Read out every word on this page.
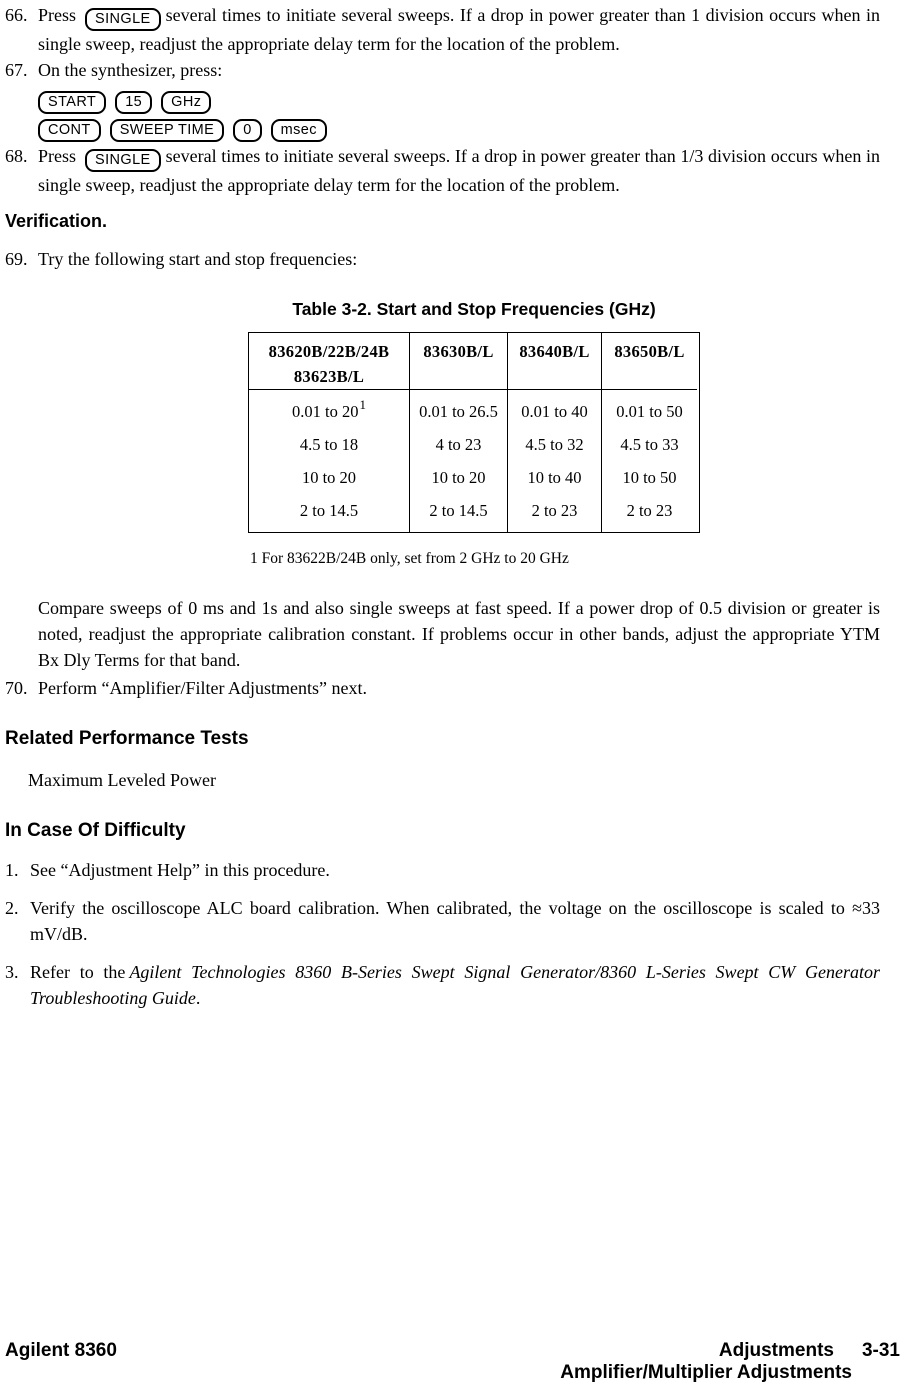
66. Press SINGLE several times to initiate several sweeps. If a drop in power greater than 1 division occurs when in single sweep, readjust the appropriate delay term for the location of the problem.
67. On the synthesizer, press:
START 15 GHz
CONT SWEEP TIME 0 msec
68. Press SINGLE several times to initiate several sweeps. If a drop in power greater than 1/3 division occurs when in single sweep, readjust the appropriate delay term for the location of the problem.
Verification.
69. Try the following start and stop frequencies:
Table 3-2. Start and Stop Frequencies (GHz)
83620B/22B/24B
83623B/L
0.01 to 20 1
4.5 to 18
10 to 20
2 to 14.5
83630B/L
0.01 to 26.5
4 to 23
10 to 20
2 to 14.5
83640B/L
0.01 to 40
4.5 to 32
10 to 40
2 to 23
83650B/L
0.01 to 50
4.5 to 33
10 to 50
2 to 23
1 For 83622B/24B only, set from 2 GHz to 20 GHz
Compare sweeps of 0 ms and 1s and also single sweeps at fast speed. If a power drop of 0.5 division or greater is noted, readjust the appropriate calibration constant. If problems occur in other bands, adjust the appropriate YTM Bx Dly Terms for that band.
70. Perform “Amplifier/Filter Adjustments” next.
Related Performance Tests
Maximum Leveled Power
In Case Of Difficulty
1. See “Adjustment Help” in this procedure.
2. Verify the oscilloscope ALC board calibration. When calibrated, the voltage on the oscilloscope is scaled to ≈33 mV/dB.
3. Refer to the Agilent Technologies 8360 B-Series Swept Signal Generator/8360 L-Series Swept CW Generator Troubleshooting Guide.
Agilent 8360	Adjustments 3-31
Amplifier/Multiplier Adjustments
